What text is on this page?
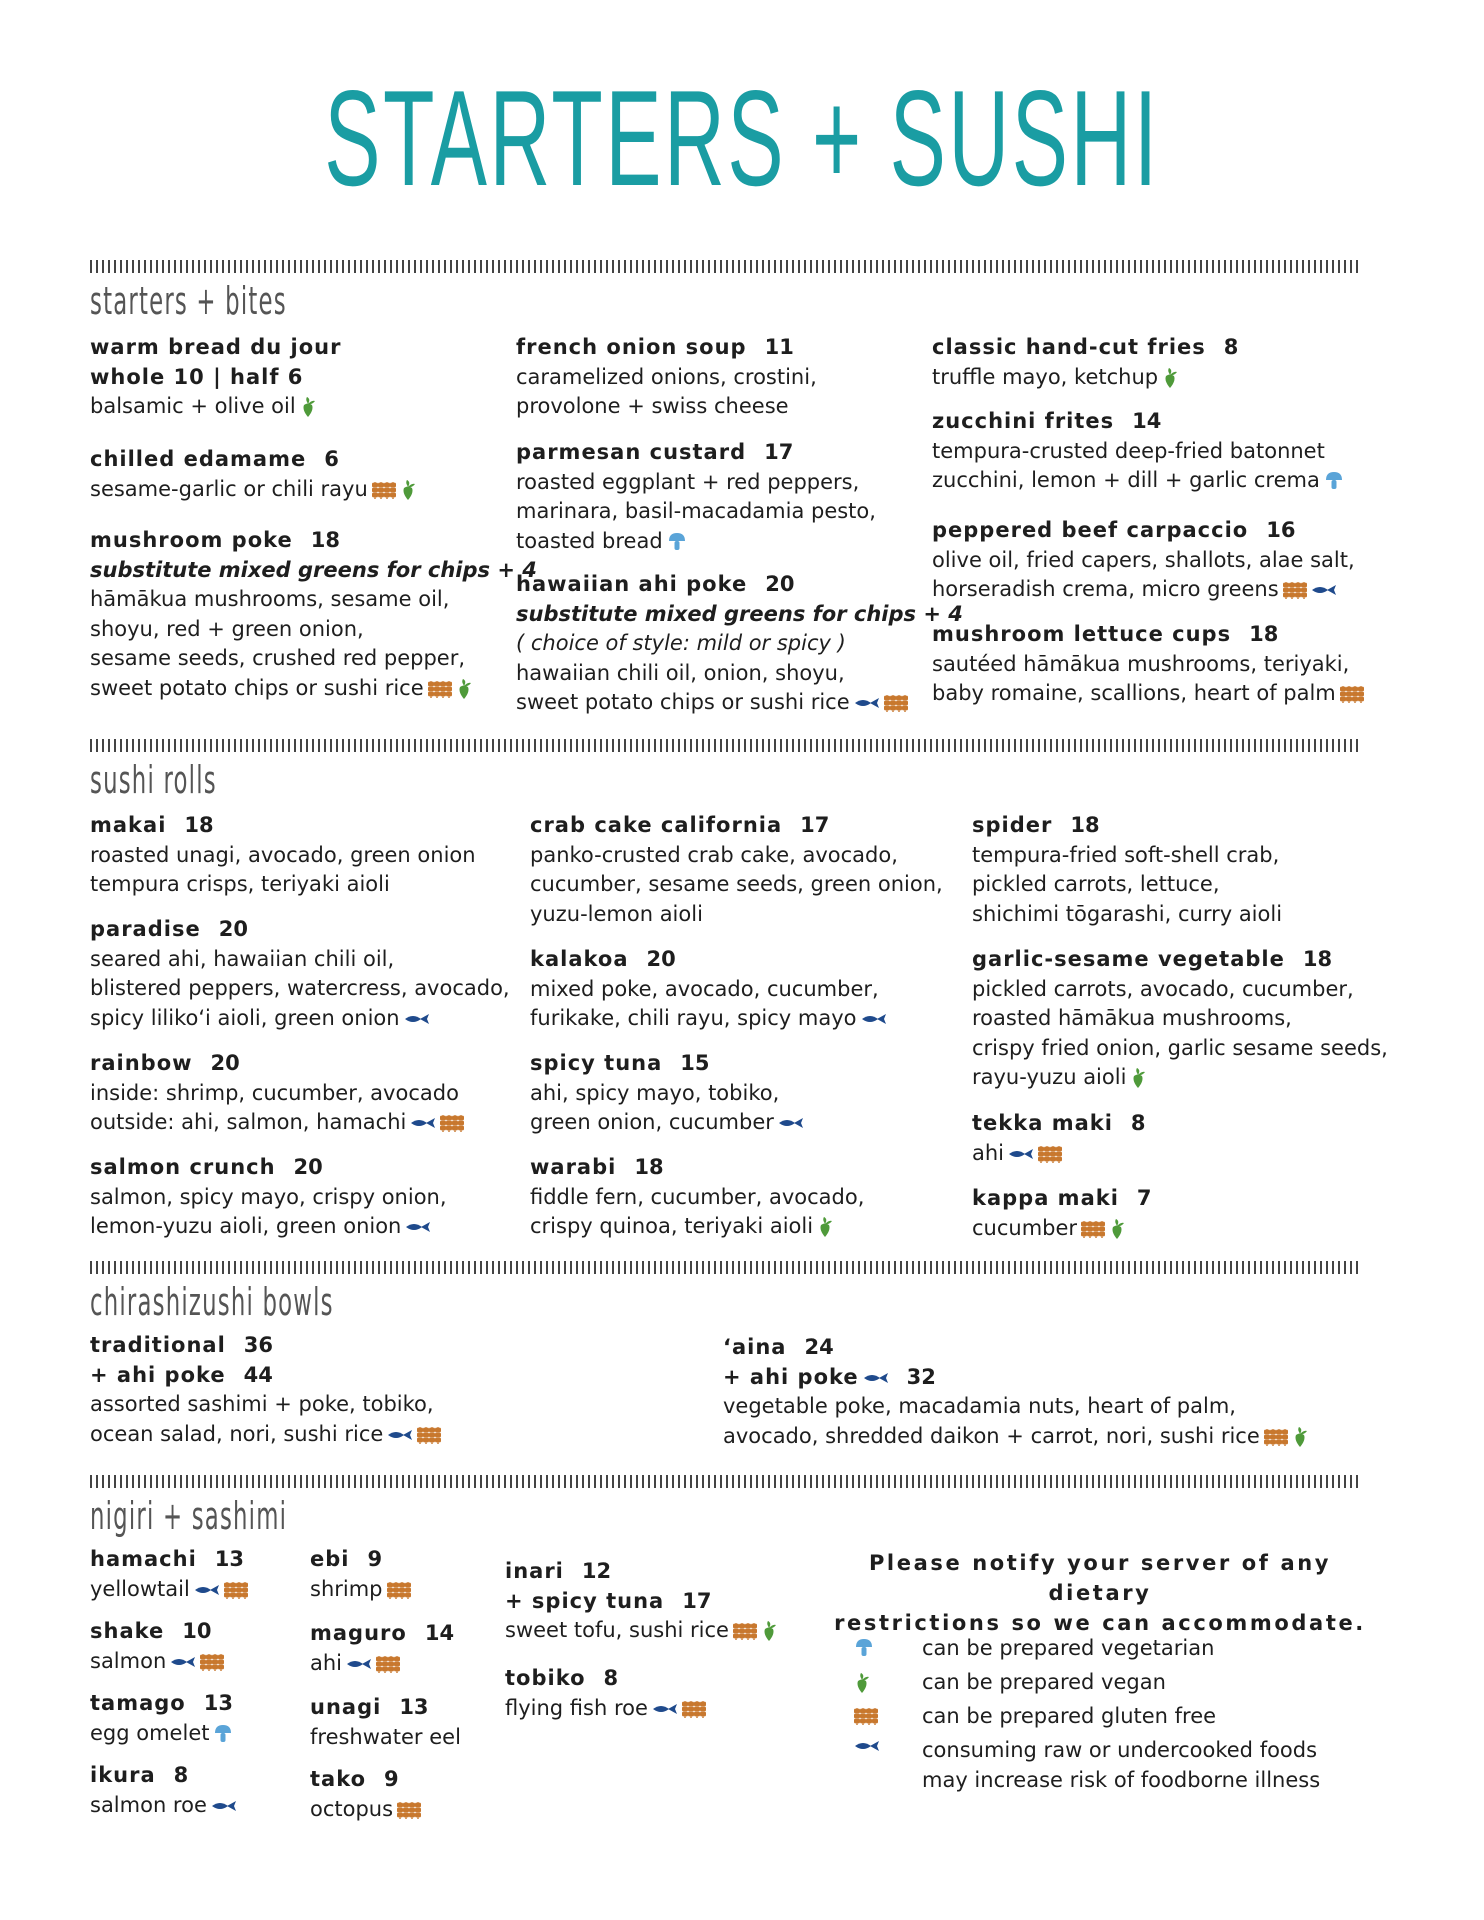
STARTERS + SUSHI
starters + bites
sushi rolls
chirashizushi bowls
nigiri + sashimi
warm bread du jour
whole 10 | half 6
balsamic + olive oil
chilled edamame 6
sesame-garlic or chili rayu
mushroom poke 18
substitute mixed greens for chips + 4
hāmākua mushrooms, sesame oil,
shoyu, red + green onion,
sesame seeds, crushed red pepper,
sweet potato chips or sushi rice
french onion soup 11
caramelized onions, crostini,
provolone + swiss cheese
parmesan custard 17
roasted eggplant + red peppers,
marinara, basil-macadamia pesto,
toasted bread
hawaiian ahi poke 20
substitute mixed greens for chips + 4
( choice of style: mild or spicy )
hawaiian chili oil, onion, shoyu,
sweet potato chips or sushi rice
classic hand-cut fries 8
truffle mayo, ketchup
zucchini frites 14
tempura-crusted deep-fried batonnet
zucchini, lemon + dill + garlic crema
peppered beef carpaccio 16
olive oil, fried capers, shallots, alae salt,
horseradish crema, micro greens
mushroom lettuce cups 18
sautéed hāmākua mushrooms, teriyaki,
baby romaine, scallions, heart of palm
makai 18
roasted unagi, avocado, green onion
tempura crisps, teriyaki aioli
paradise 20
seared ahi, hawaiian chili oil,
blistered peppers, watercress, avocado,
spicy liliko‘i aioli, green onion
rainbow 20
inside: shrimp, cucumber, avocado
outside: ahi, salmon, hamachi
salmon crunch 20
salmon, spicy mayo, crispy onion,
lemon-yuzu aioli, green onion
crab cake california 17
panko-crusted crab cake, avocado,
cucumber, sesame seeds, green onion,
yuzu-lemon aioli
kalakoa 20
mixed poke, avocado, cucumber,
furikake, chili rayu, spicy mayo
spicy tuna 15
ahi, spicy mayo, tobiko,
green onion, cucumber
warabi 18
fiddle fern, cucumber, avocado,
crispy quinoa, teriyaki aioli
spider 18
tempura-fried soft-shell crab,
pickled carrots, lettuce,
shichimi tōgarashi, curry aioli
garlic-sesame vegetable 18
pickled carrots, avocado, cucumber,
roasted hāmākua mushrooms,
crispy fried onion, garlic sesame seeds,
rayu-yuzu aioli
tekka maki 8
ahi
kappa maki 7
cucumber
traditional 36
+ ahi poke 44
assorted sashimi + poke, tobiko,
ocean salad, nori, sushi rice
‘aina 24
+ ahi poke 32
vegetable poke, macadamia nuts, heart of palm,
avocado, shredded daikon + carrot, nori, sushi rice
hamachi 13
yellowtail
shake 10
salmon
tamago 13
egg omelet
ikura 8
salmon roe
ebi 9
shrimp
maguro 14
ahi
unagi 13
freshwater eel
tako 9
octopus
inari 12
+ spicy tuna 17
sweet tofu, sushi rice
tobiko 8
flying fish roe
Please notify your server of any dietary
restrictions so we can accommodate.
can be prepared vegetarian
can be prepared vegan
can be prepared gluten free
consuming raw or undercooked foods
may increase risk of foodborne illness
